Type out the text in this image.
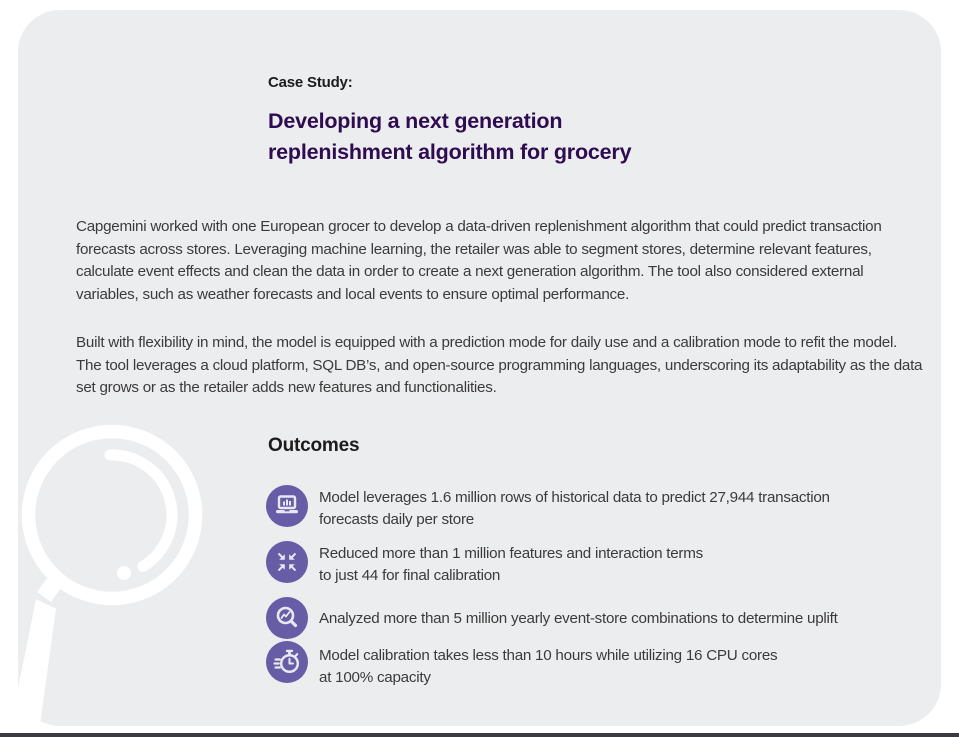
Case Study:
Developing a next generation
replenishment algorithm for grocery

Capgemini worked with one European grocer to develop a data-driven replenishment algorithm that could predict transaction forecasts across stores. Leveraging machine learning, the retailer was able to segment stores, determine relevant features, calculate event effects and clean the data in order to create a next generation algorithm. The tool also considered external variables, such as weather forecasts and local events to ensure optimal performance.

Built with flexibility in mind, the model is equipped with a prediction mode for daily use and a calibration mode to refit the model. The tool leverages a cloud platform, SQL DB’s, and open-source programming languages, underscoring its adaptability as the data set grows or as the retailer adds new features and functionalities.

Outcomes
Model leverages 1.6 million rows of historical data to predict 27,944 transaction
forecasts daily per store
Reduced more than 1 million features and interaction terms
to just 44 for final calibration
Analyzed more than 5 million yearly event-store combinations to determine uplift
Model calibration takes less than 10 hours while utilizing 16 CPU cores
at 100% capacity
